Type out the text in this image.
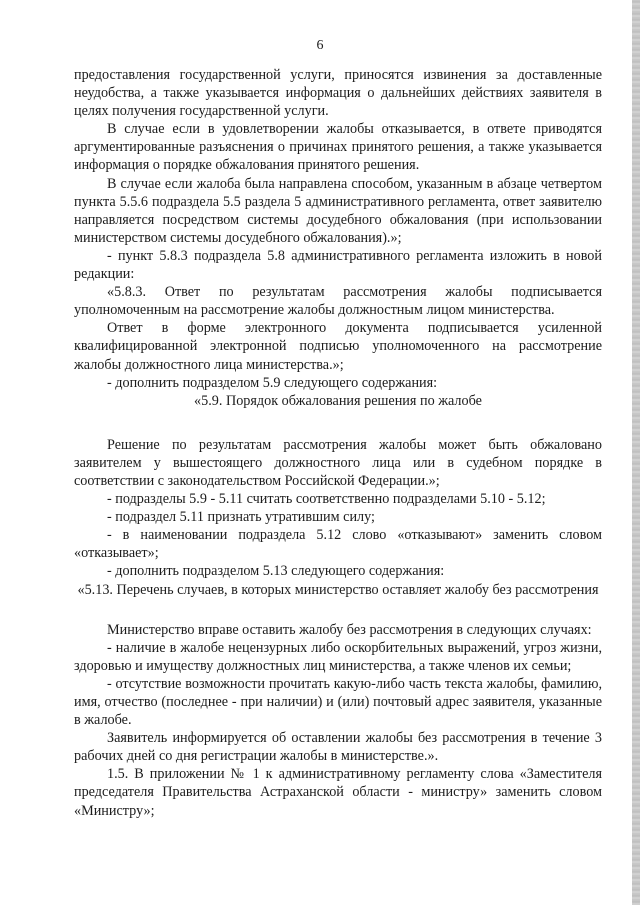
6

предоставления государственной услуги, приносятся извинения за доставленные неудобства, а также указывается информация о дальнейших действиях заявителя в целях получения государственной услуги.

В случае если в удовлетворении жалобы отказывается, в ответе приводятся аргументированные разъяснения о причинах принятого решения, а также указывается информация о порядке обжалования принятого решения.

В случае если жалоба была направлена способом, указанным в абзаце четвертом пункта 5.5.6 подраздела 5.5 раздела 5 административного регламента, ответ заявителю направляется посредством системы досудебного обжалования (при использовании министерством системы досудебного обжалования).»;

- пункт 5.8.3 подраздела 5.8 административного регламента изложить в новой редакции:

«5.8.3. Ответ по результатам рассмотрения жалобы подписывается уполномоченным на рассмотрение жалобы должностным лицом министерства.

Ответ в форме электронного документа подписывается усиленной квалифицированной электронной подписью уполномоченного на рассмотрение жалобы должностного лица министерства.»;

- дополнить подразделом 5.9 следующего содержания:

«5.9. Порядок обжалования решения по жалобе

Решение по результатам рассмотрения жалобы может быть обжаловано заявителем у вышестоящего должностного лица или в судебном порядке в соответствии с законодательством Российской Федерации.»;

- подразделы 5.9 - 5.11 считать соответственно подразделами 5.10 - 5.12;

- подраздел 5.11 признать утратившим силу;

- в наименовании подраздела 5.12 слово «отказывают» заменить словом «отказывает»;

- дополнить подразделом 5.13 следующего содержания:

«5.13. Перечень случаев, в которых министерство оставляет жалобу без рассмотрения

Министерство вправе оставить жалобу без рассмотрения в следующих случаях:

- наличие в жалобе нецензурных либо оскорбительных выражений, угроз жизни, здоровью и имуществу должностных лиц министерства, а также членов их семьи;

- отсутствие возможности прочитать какую-либо часть текста жалобы, фамилию, имя, отчество (последнее - при наличии) и (или) почтовый адрес заявителя, указанные в жалобе.

Заявитель информируется об оставлении жалобы без рассмотрения в течение 3 рабочих дней со дня регистрации жалобы в министерстве.».

1.5. В приложении № 1 к административному регламенту слова «Заместителя председателя Правительства Астраханской области - министру» заменить словом «Министру»;
